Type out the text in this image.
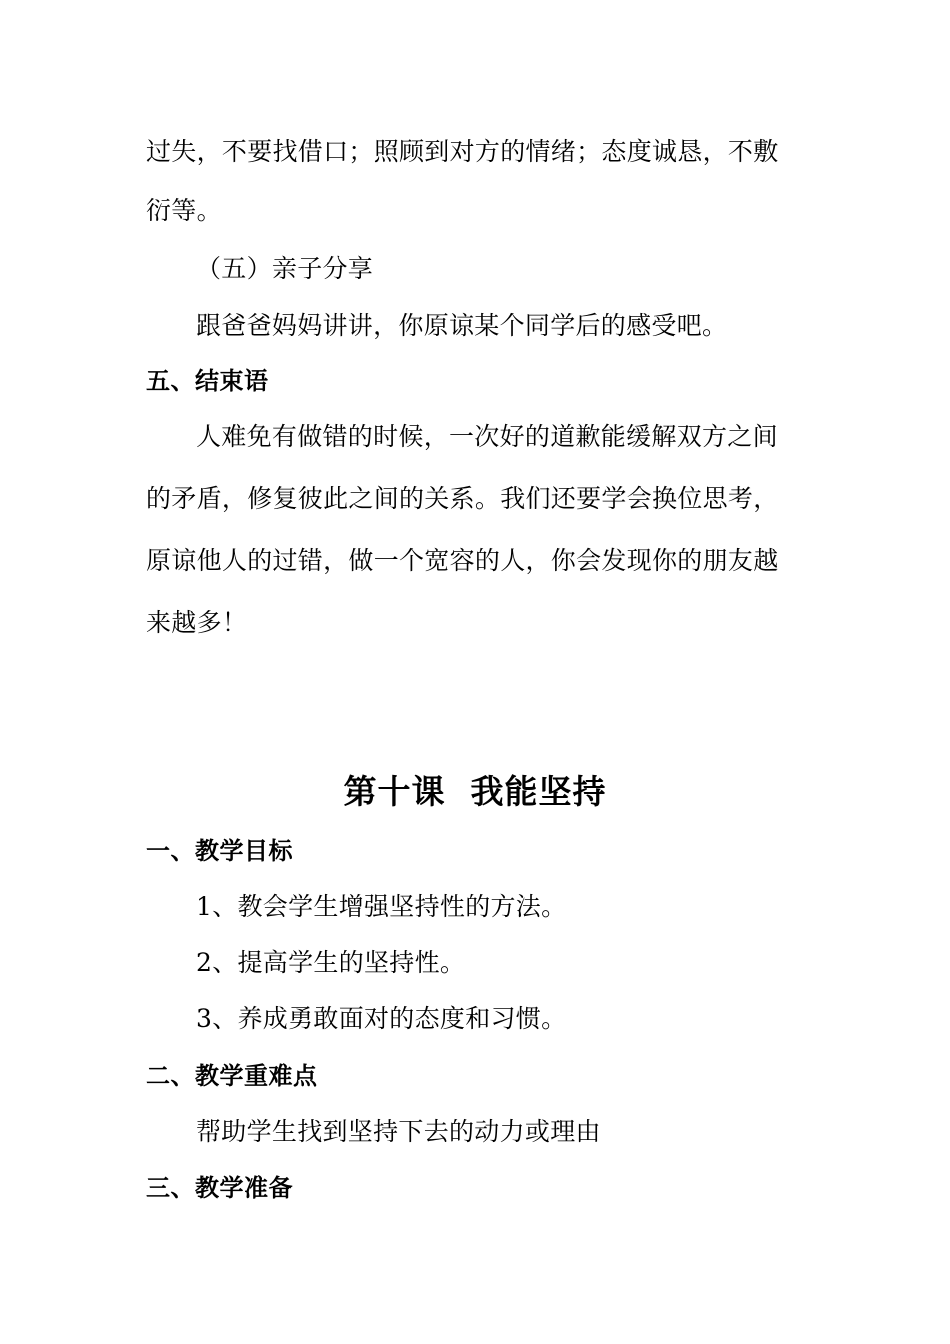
过失，不要找借口；照顾到对方的情绪；态度诚恳，不敷
衍等。
（五）亲子分享
跟爸爸妈妈讲讲，你原谅某个同学后的感受吧。
五、结束语
人难免有做错的时候，一次好的道歉能缓解双方之间
的矛盾，修复彼此之间的关系。我们还要学会换位思考，
原谅他人的过错，做一个宽容的人，你会发现你的朋友越
来越多！
第十课  我能坚持
一、教学目标
1、教会学生增强坚持性的方法。
2、提高学生的坚持性。
3、养成勇敢面对的态度和习惯。
二、教学重难点
帮助学生找到坚持下去的动力或理由
三、教学准备
